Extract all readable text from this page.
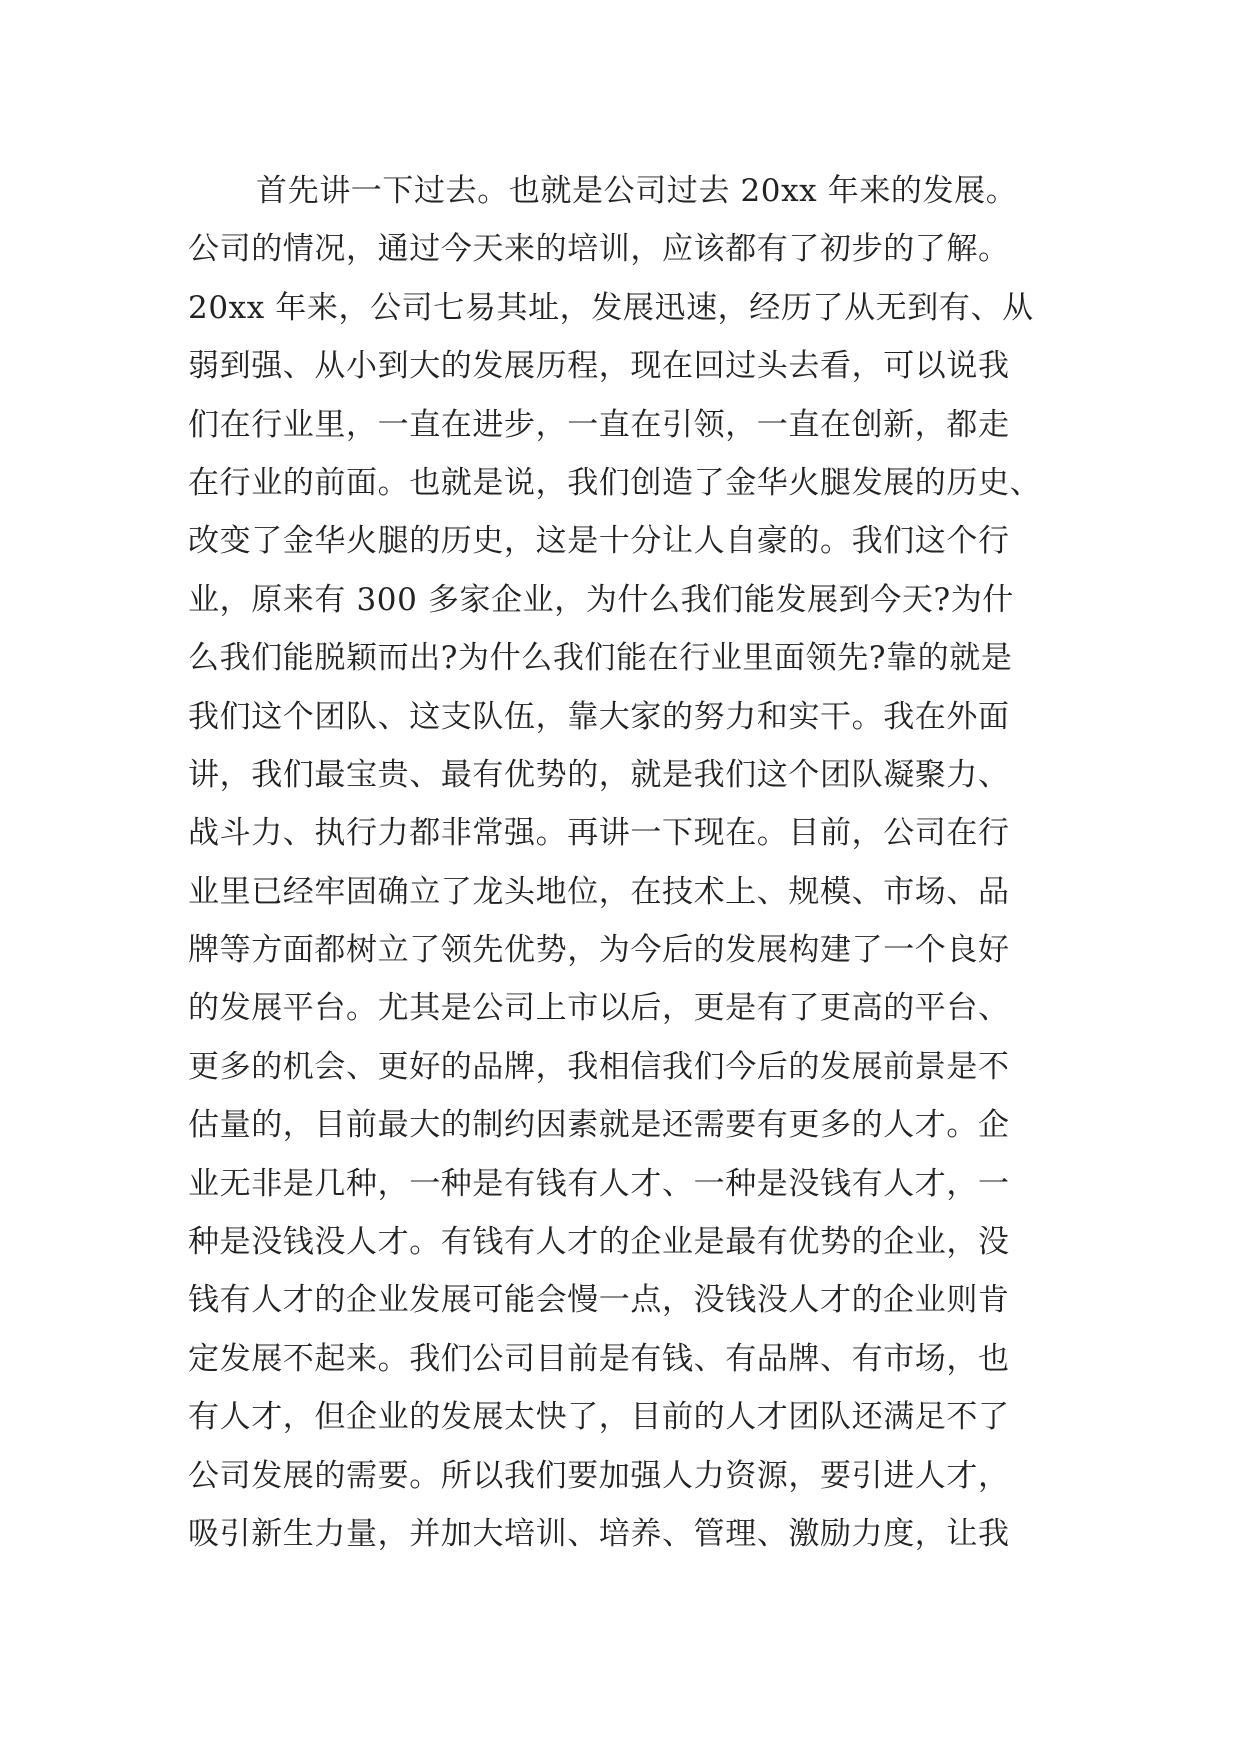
首先讲一下过去。也就是公司过去 20xx 年来的发展。
公司的情况，通过今天来的培训，应该都有了初步的了解。
20xx 年来，公司七易其址，发展迅速，经历了从无到有、从
弱到强、从小到大的发展历程，现在回过头去看，可以说我
们在行业里，一直在进步，一直在引领，一直在创新，都走
在行业的前面。也就是说，我们创造了金华火腿发展的历史、
改变了金华火腿的历史，这是十分让人自豪的。我们这个行
业，原来有 300 多家企业，为什么我们能发展到今天?为什
么我们能脱颖而出?为什么我们能在行业里面领先?靠的就是
我们这个团队、这支队伍，靠大家的努力和实干。我在外面
讲，我们最宝贵、最有优势的，就是我们这个团队凝聚力、
战斗力、执行力都非常强。再讲一下现在。目前，公司在行
业里已经牢固确立了龙头地位，在技术上、规模、市场、品
牌等方面都树立了领先优势，为今后的发展构建了一个良好
的发展平台。尤其是公司上市以后，更是有了更高的平台、
更多的机会、更好的品牌，我相信我们今后的发展前景是不
估量的，目前最大的制约因素就是还需要有更多的人才。企
业无非是几种，一种是有钱有人才、一种是没钱有人才，一
种是没钱没人才。有钱有人才的企业是最有优势的企业，没
钱有人才的企业发展可能会慢一点，没钱没人才的企业则肯
定发展不起来。我们公司目前是有钱、有品牌、有市场，也
有人才，但企业的发展太快了，目前的人才团队还满足不了
公司发展的需要。所以我们要加强人力资源，要引进人才，
吸引新生力量，并加大培训、培养、管理、激励力度，让我
